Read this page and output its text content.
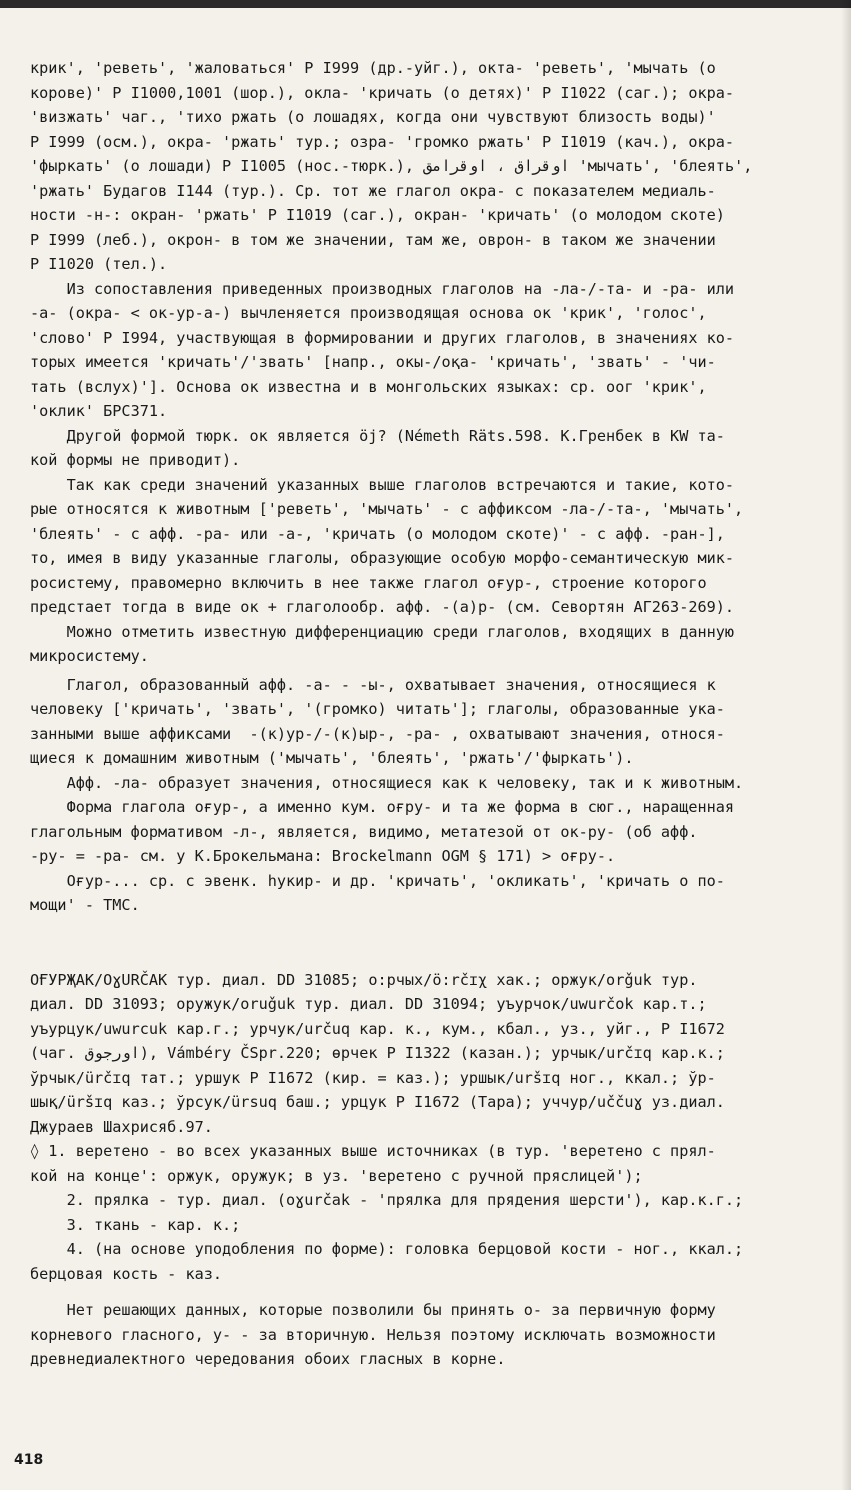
крик', 'реветь', 'жаловаться' Р I999 (др.-уйг.), окта- 'реветь', 'мычать (о
корове)' Р I1000,1001 (шор.), окла- 'кричать (о детях)' Р I1022 (саг.); окра-
'визжать' чаг., 'тихо ржать (о лошадях, когда они чувствуют близость воды)'
Р I999 (осм.), окра- 'ржать' тур.; озра- 'громко ржать' Р I1019 (кач.), окра-
'фыркать' (о лошади) Р I1005 (нос.-тюрк.), اوقراق ، اوقرامق 'мычать', 'блеять',
'ржать' Будагов I144 (тур.). Ср. тот же глагол окра- с показателем медиаль-
ности -н-: окран- 'ржать' Р I1019 (саг.), окран- 'кричать' (о молодом скоте)
Р I999 (леб.), окрон- в том же значении, там же, оврон- в таком же значении
Р I1020 (тел.).
Из сопоставления приведенных производных глаголов на -ла-/-та- и -ра- или
-а- (окра- < ок-ур-а-) вычленяется производящая основа ок 'крик', 'голос',
'слово' Р I994, участвующая в формировании и других глаголов, в значениях ко-
торых имеется 'кричать'/'звать' [напр., окы-/оқа- 'кричать', 'звать' - 'чи-
тать (вслух)']. Основа ок известна и в монгольских языках: ср. оог 'крик',
'оклик' БРС371.
Другой формой тюрк. ок является öj? (Németh Räts.598. К.Гренбек в KW та-
кой формы не приводит).
Так как среди значений указанных выше глаголов встречаются и такие, кото-
рые относятся к животным ['реветь', 'мычать' - с аффиксом -ла-/-та-, 'мычать',
'блеять' - с афф. -ра- или -а-, 'кричать (о молодом скоте)' - с афф. -ран-],
то, имея в виду указанные глаголы, образующие особую морфо-семантическую мик-
росистему, правомерно включить в нее также глагол оғур-, строение которого
предстает тогда в виде ок + глаголообр. афф. -(а)р- (см. Севортян АГ263-269).
Можно отметить известную дифференциацию среди глаголов, входящих в данную
микросистему.
Глагол, образованный афф. -а- - -ы-, охватывает значения, относящиеся к
человеку ['кричать', 'звать', '(громко) читать']; глаголы, образованные ука-
занными выше аффиксами  -(к)ур-/-(к)ыр-, -ра- , охватывают значения, относя-
щиеся к домашним животным ('мычать', 'блеять', 'ржать'/'фыркать').
Афф. -ла- образует значения, относящиеся как к человеку, так и к животным.
Форма глагола оғур-, а именно кум. оғру- и та же форма в сюг., наращенная
глагольным формативом -л-, является, видимо, метатезой от ок-ру- (об афф.
-ру- = -ра- см. у К.Брокельмана: Brockelmann OGM § 171) > оғру-.
Оғур-... ср. с эвенк. hукир- и др. 'кричать', 'окликать', 'кричать о по-
мощи' - ТМС.
ОҒУРҖАК/OɣURČAK тур. диал. DD 31085; о:рчых/ö:rčɪχ хак.; оржук/orǧuk тур.
диал. DD 31093; оружук/oruǧuk тур. диал. DD 31094; уъурчок/uwurčok кар.т.;
уъурцук/uwurcuk кар.г.; урчук/určuq кар. к., кум., кбал., уз., уйг., Р I1672
(чаг. اورجوق), Vámbéry ČSpr.220; өрчек Р I1322 (казан.); урчык/určɪq кар.к.;
ўрчык/ürčɪq тат.; уршук Р I1672 (кир. = каз.); уршык/uršɪq ног., ккал.; ўр-
шық/üršɪq каз.; ўрсук/ürsuq баш.; урцук Р I1672 (Тара); уччур/uččuɣ уз.диал.
Джураев Шахрисяб.97.
◊ 1. веретено - во всех указанных выше источниках (в тур. 'веретено с прял-
кой на конце': оржук, оружук; в уз. 'веретено с ручной пряслицей');
2. прялка - тур. диал. (oɣurčak - 'прялка для прядения шерсти'), кар.к.г.;
3. ткань - кар. к.;
4. (на основе уподобления по форме): головка берцовой кости - ног., ккал.;
берцовая кость - каз.
Нет решающих данных, которые позволили бы принять о- за первичную форму
корневого гласного, у- - за вторичную. Нельзя поэтому исключать возможности
древнедиалектного чередования обоих гласных в корне.
418
